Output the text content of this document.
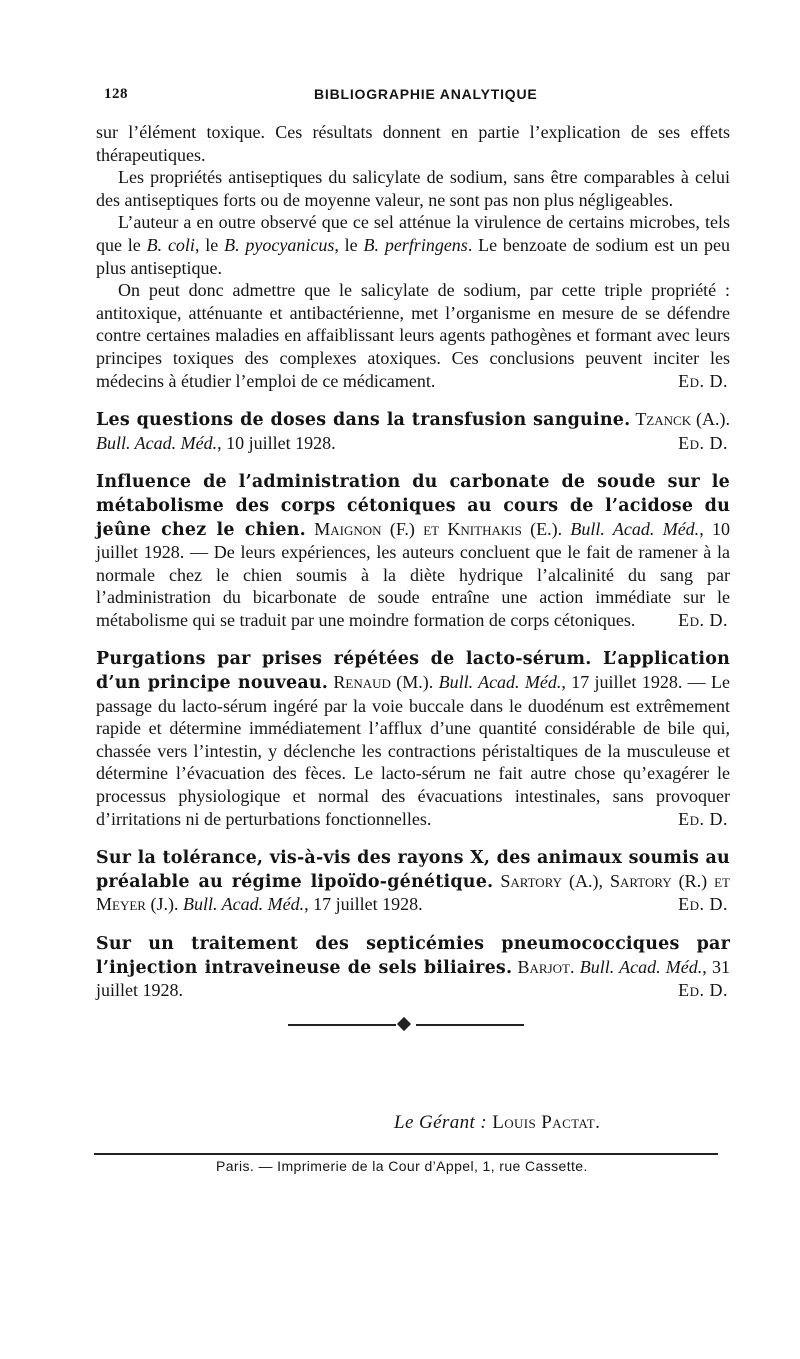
128	BIBLIOGRAPHIE ANALYTIQUE

sur l’élément toxique. Ces résultats donnent en partie l’explication de ses effets thérapeutiques.

Les propriétés antiseptiques du salicylate de sodium, sans être comparables à celui des antiseptiques forts ou de moyenne valeur, ne sont pas non plus négligeables.

L’auteur a en outre observé que ce sel atténue la virulence de certains microbes, tels que le B. coli, le B. pyocyanicus, le B. perfringens. Le benzoate de sodium est un peu plus antiseptique.

On peut donc admettre que le salicylate de sodium, par cette triple propriété : antitoxique, atténuante et antibactérienne, met l’organisme en mesure de se défendre contre certaines maladies en affaiblissant leurs agents pathogènes et formant avec leurs principes toxiques des complexes atoxiques. Ces conclusions peuvent inciter les médecins à étudier l’emploi de ce médicament.	Ed. D.

Les questions de doses dans la transfusion sanguine. Tzanck (A.). Bull. Acad. Méd., 10 juillet 1928.	Ed. D.

Influence de l’administration du carbonate de soude sur le métabolisme des corps cétoniques au cours de l’acidose du jeûne chez le chien. Maignon (F.) et Knithakis (E.). Bull. Acad. Méd., 10 juillet 1928. — De leurs expériences, les auteurs concluent que le fait de ramener à la normale chez le chien soumis à la diète hydrique l’alcalinité du sang par l’administration du bicarbonate de soude entraîne une action immédiate sur le métabolisme qui se traduit par une moindre formation de corps cétoniques. Ed. D.

Purgations par prises répétées de lacto-sérum. L’application d’un principe nouveau. Renaud (M.). Bull. Acad. Méd., 17 juillet 1928. — Le passage du lacto-sérum ingéré par la voie buccale dans le duodénum est extrêmement rapide et détermine immédiatement l’afflux d’une quantité considérable de bile qui, chassée vers l’intestin, y déclenche les contractions péristaltiques de la musculeuse et détermine l’évacuation des fèces. Le lacto-sérum ne fait autre chose qu’exagérer le processus physiologique et normal des évacuations intestinales, sans provoquer d’irritations ni de perturbations fonctionnelles.	Ed. D.

Sur la tolérance, vis-à-vis des rayons X, des animaux soumis au préalable au régime lipoïdo-génétique. Sartory (A.), Sartory (R.) et Meyer (J.). Bull. Acad. Méd., 17 juillet 1928.	Ed. D.

Sur un traitement des septicémies pneumococciques par l’injection intraveineuse de sels biliaires. Barjot. Bull. Acad. Méd., 31 juillet 1928.	Ed. D.

Le Gérant : Louis Pactat.
Paris. — Imprimerie de la Cour d’Appel, 1, rue Cassette.
